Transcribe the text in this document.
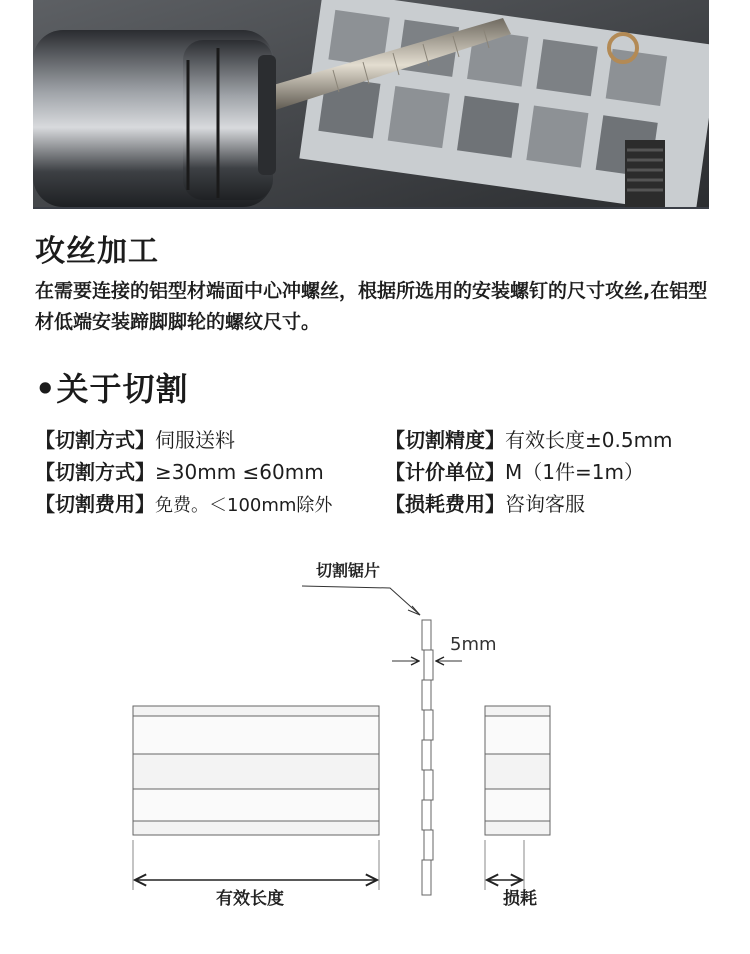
攻丝加工
在需要连接的铝型材端面中心冲螺丝，根据所选用的安装螺钉的尺寸攻丝,在铝型材低端安装蹄脚脚轮的螺纹尺寸。
•关于切割
【切割方式】伺服送料	【切割精度】有效长度±0.5mm
【切割方式】≥30mm ≤60mm	【计价单位】M（1件=1m）
【切割费用】免费。＜100mm除外	【损耗费用】咨询客服
切割锯片
5mm
有效长度	损耗
